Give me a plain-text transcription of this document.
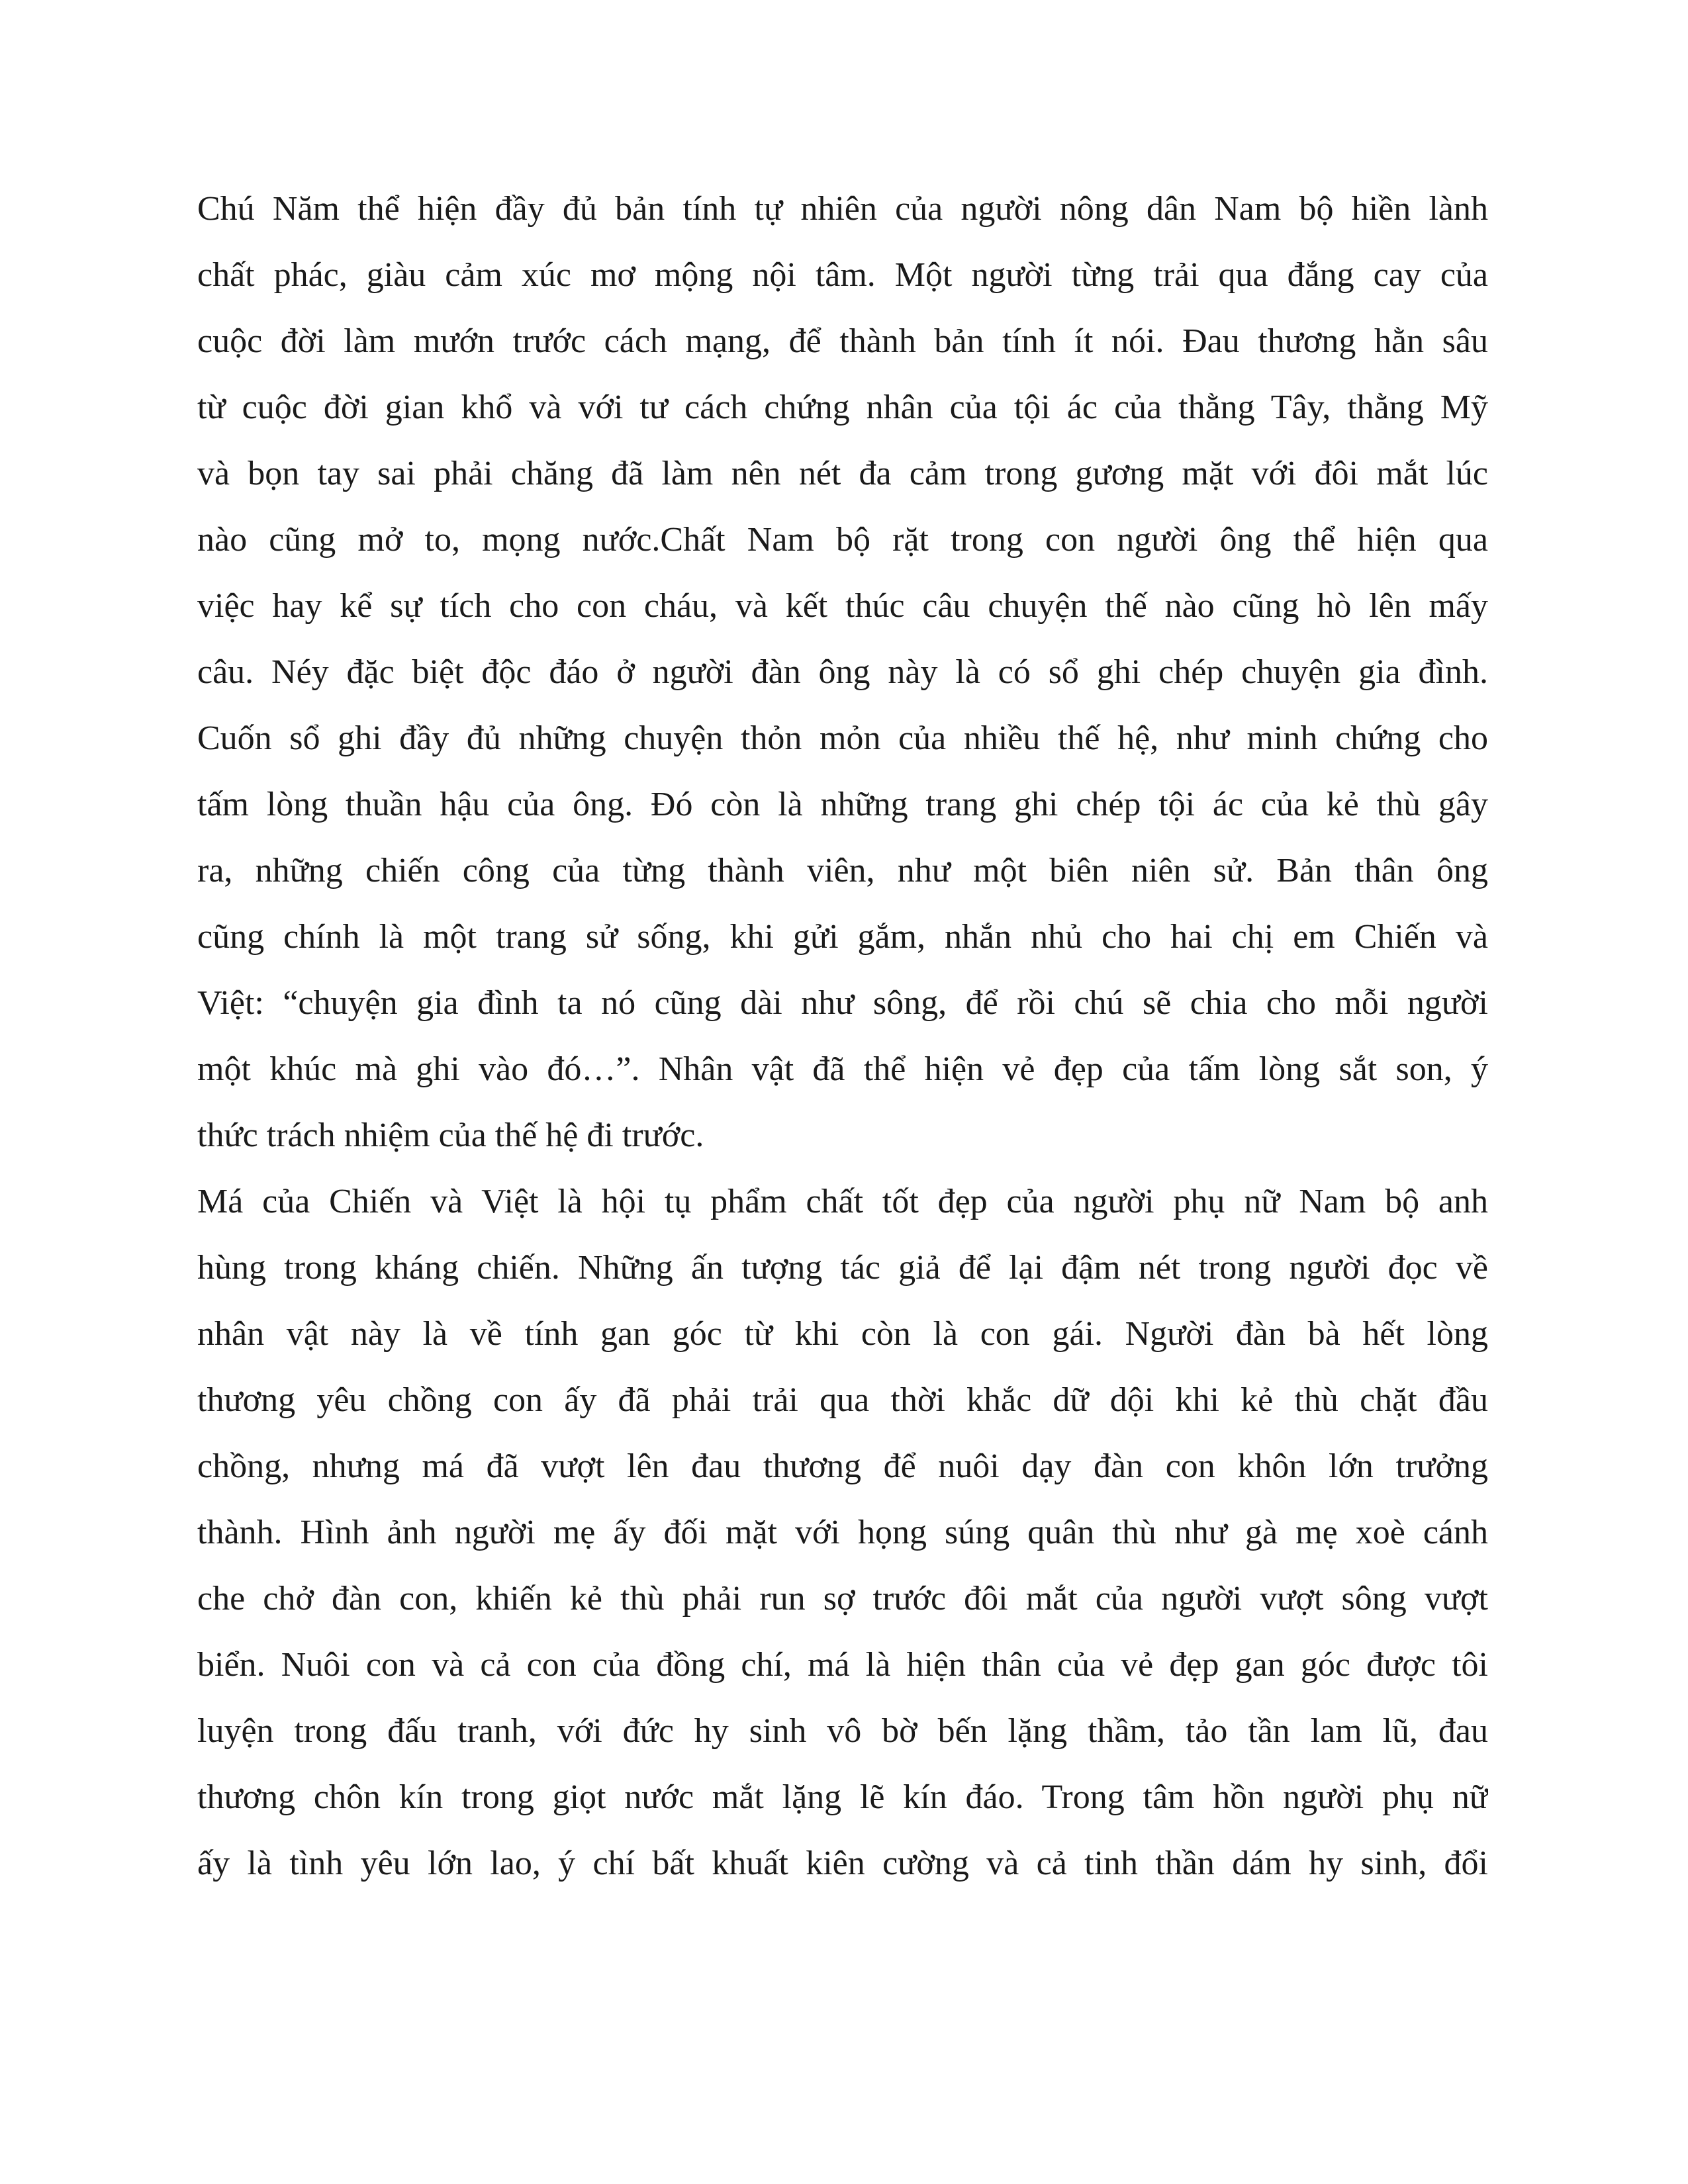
Chú Năm thể hiện đầy đủ bản tính tự nhiên của người nông dân Nam bộ hiền lành
chất phác, giàu cảm xúc mơ mộng nội tâm. Một người từng trải qua đắng cay của
cuộc đời làm mướn trước cách mạng, để thành bản tính ít nói. Đau thương hằn sâu
từ cuộc đời gian khổ và với tư cách chứng nhân của tội ác của thằng Tây, thằng Mỹ
và bọn tay sai phải chăng đã làm nên nét đa cảm trong gương mặt với đôi mắt lúc
nào cũng mở to, mọng nước.Chất Nam bộ rặt trong con người ông thể hiện qua
việc hay kể sự tích cho con cháu, và kết thúc câu chuyện thế nào cũng hò lên mấy
câu. Néy đặc biệt độc đáo ở người đàn ông này là có sổ ghi chép chuyện gia đình.
Cuốn sổ ghi đầy đủ những chuyện thỏn mỏn của nhiều thế hệ, như minh chứng cho
tấm lòng thuần hậu của ông. Đó còn là những trang ghi chép tội ác của kẻ thù gây
ra, những chiến công của từng thành viên, như một biên niên sử. Bản thân ông
cũng chính là một trang sử sống, khi gửi gắm, nhắn nhủ cho hai chị em Chiến và
Việt: “chuyện gia đình ta nó cũng dài như sông, để rồi chú sẽ chia cho mỗi người
một khúc mà ghi vào đó…”. Nhân vật đã thể hiện vẻ đẹp của tấm lòng sắt son, ý
thức trách nhiệm của thế hệ đi trước.
Má của Chiến và Việt là hội tụ phẩm chất tốt đẹp của người phụ nữ Nam bộ anh
hùng trong kháng chiến. Những ấn tượng tác giả để lại đậm nét trong người đọc về
nhân vật này là về tính gan góc từ khi còn là con gái. Người đàn bà hết lòng
thương yêu chồng con ấy đã phải trải qua thời khắc dữ dội khi kẻ thù chặt đầu
chồng, nhưng má đã vượt lên đau thương để nuôi dạy đàn con khôn lớn trưởng
thành. Hình ảnh người mẹ ấy đối mặt với họng súng quân thù như gà mẹ xoè cánh
che chở đàn con, khiến kẻ thù phải run sợ trước đôi mắt của người vượt sông vượt
biển. Nuôi con và cả con của đồng chí, má là hiện thân của vẻ đẹp gan góc được tôi
luyện trong đấu tranh, với đức hy sinh vô bờ bến lặng thầm, tảo tần lam lũ, đau
thương chôn kín trong giọt nước mắt lặng lẽ kín đáo. Trong tâm hồn người phụ nữ
ấy là tình yêu lớn lao, ý chí bất khuất kiên cường và cả tinh thần dám hy sinh, đổi
